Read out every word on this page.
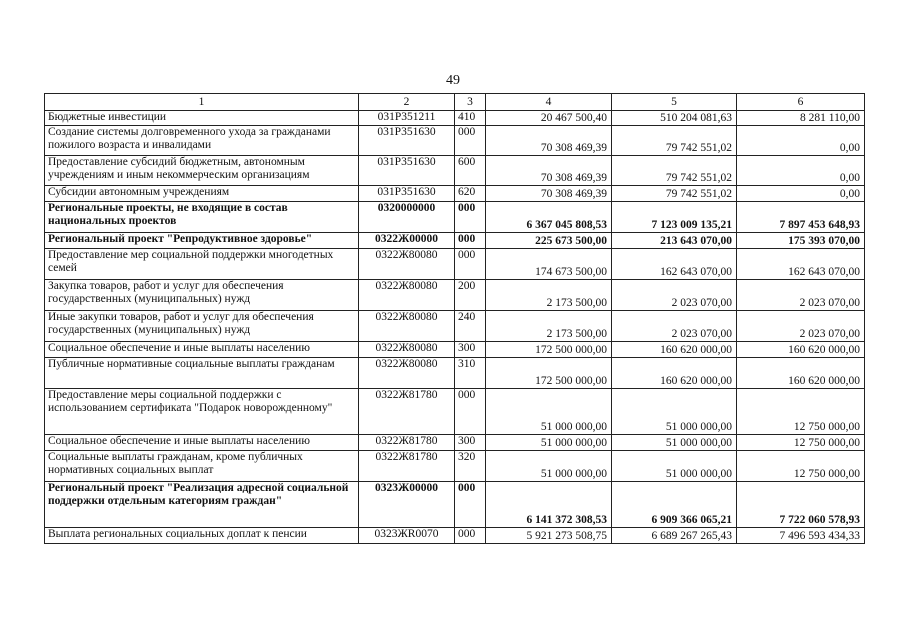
49
1	2	3	4	5	6
Бюджетные инвестиции	031P351211	410	20 467 500,40	510 204 081,63	8 281 110,00
Создание системы долговременного ухода за гражданами пожилого возраста и инвалидами	031P351630	000	70 308 469,39	79 742 551,02	0,00
Предоставление субсидий бюджетным, автономным учреждениям и иным некоммерческим организациям	031P351630	600	70 308 469,39	79 742 551,02	0,00
Субсидии автономным учреждениям	031P351630	620	70 308 469,39	79 742 551,02	0,00
Региональные проекты, не входящие в состав национальных проектов	0320000000	000	6 367 045 808,53	7 123 009 135,21	7 897 453 648,93
Региональный проект "Репродуктивное здоровье"	0322Ж00000	000	225 673 500,00	213 643 070,00	175 393 070,00
Предоставление мер социальной поддержки многодетных семей	0322Ж80080	000	174 673 500,00	162 643 070,00	162 643 070,00
Закупка товаров, работ и услуг для обеспечения государственных (муниципальных) нужд	0322Ж80080	200	2 173 500,00	2 023 070,00	2 023 070,00
Иные закупки товаров, работ и услуг для обеспечения государственных (муниципальных) нужд	0322Ж80080	240	2 173 500,00	2 023 070,00	2 023 070,00
Социальное обеспечение и иные выплаты населению	0322Ж80080	300	172 500 000,00	160 620 000,00	160 620 000,00
Публичные нормативные социальные выплаты гражданам	0322Ж80080	310	172 500 000,00	160 620 000,00	160 620 000,00
Предоставление меры социальной поддержки с использованием сертификата "Подарок новорожденному"	0322Ж81780	000	51 000 000,00	51 000 000,00	12 750 000,00
Социальное обеспечение и иные выплаты населению	0322Ж81780	300	51 000 000,00	51 000 000,00	12 750 000,00
Социальные выплаты гражданам, кроме публичных нормативных социальных выплат	0322Ж81780	320	51 000 000,00	51 000 000,00	12 750 000,00
Региональный проект "Реализация адресной социальной поддержки отдельным категориям граждан"	0323Ж00000	000	6 141 372 308,53	6 909 366 065,21	7 722 060 578,93
Выплата региональных социальных доплат к пенсии	0323ЖR0070	000	5 921 273 508,75	6 689 267 265,43	7 496 593 434,33
